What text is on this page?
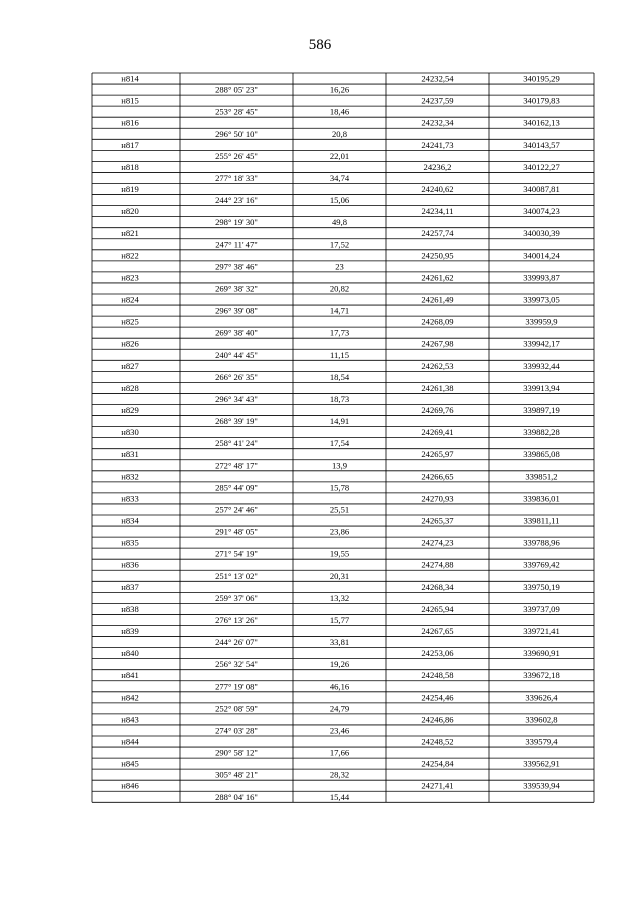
586
н814	24232,54	340195,29
288° 05' 23"	16,26
н815	24237,59	340179,83
253° 28' 45"	18,46
н816	24232,34	340162,13
296° 50' 10"	20,8
н817	24241,73	340143,57
255° 26' 45"	22,01
н818	24236,2	340122,27
277° 18' 33"	34,74
н819	24240,62	340087,81
244° 23' 16"	15,06
н820	24234,11	340074,23
298° 19' 30"	49,8
н821	24257,74	340030,39
247° 11' 47"	17,52
н822	24250,95	340014,24
297° 38' 46"	23
н823	24261,62	339993,87
269° 38' 32"	20,82
н824	24261,49	339973,05
296° 39' 08"	14,71
н825	24268,09	339959,9
269° 38' 40"	17,73
н826	24267,98	339942,17
240° 44' 45"	11,15
н827	24262,53	339932,44
266° 26' 35"	18,54
н828	24261,38	339913,94
296° 34' 43"	18,73
н829	24269,76	339897,19
268° 39' 19"	14,91
н830	24269,41	339882,28
258° 41' 24"	17,54
н831	24265,97	339865,08
272° 48' 17"	13,9
н832	24266,65	339851,2
285° 44' 09"	15,78
н833	24270,93	339836,01
257° 24' 46"	25,51
н834	24265,37	339811,11
291° 48' 05"	23,86
н835	24274,23	339788,96
271° 54' 19"	19,55
н836	24274,88	339769,42
251° 13' 02"	20,31
н837	24268,34	339750,19
259° 37' 06"	13,32
н838	24265,94	339737,09
276° 13' 26"	15,77
н839	24267,65	339721,41
244° 26' 07"	33,81
н840	24253,06	339690,91
256° 32' 54"	19,26
н841	24248,58	339672,18
277° 19' 08"	46,16
н842	24254,46	339626,4
252° 08' 59"	24,79
н843	24246,86	339602,8
274° 03' 28"	23,46
н844	24248,52	339579,4
290° 58' 12"	17,66
н845	24254,84	339562,91
305° 48' 21"	28,32
н846	24271,41	339539,94
288° 04' 16"	15,44
